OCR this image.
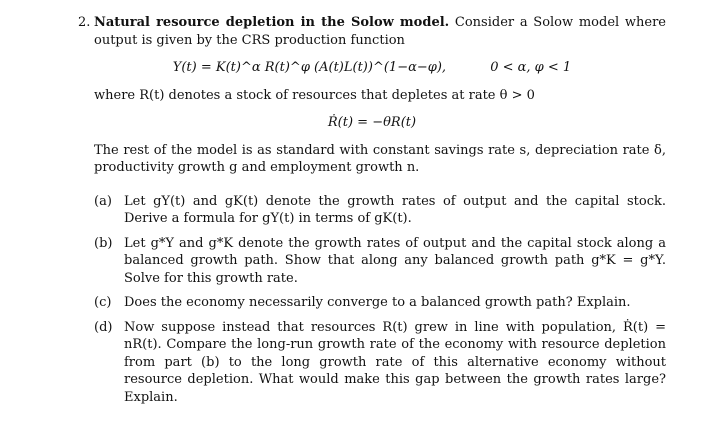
2. Natural resource depletion in the Solow model. Consider a Solow model where output is given by the CRS production function
Y(t) = K(t)^α R(t)^φ (A(t)L(t))^(1−α−φ),	0 < α, φ < 1

where R(t) denotes a stock of resources that depletes at rate θ > 0

Ṙ(t) = −θR(t)

The rest of the model is as standard with constant savings rate s, depreciation rate δ, productivity growth g and employment growth n.

(a) Let gY(t) and gK(t) denote the growth rates of output and the capital stock. Derive a formula for gY(t) in terms of gK(t).
(b) Let g*Y and g*K denote the growth rates of output and the capital stock along a balanced growth path. Show that along any balanced growth path g*K = g*Y. Solve for this growth rate.
(c) Does the economy necessarily converge to a balanced growth path? Explain.
(d) Now suppose instead that resources R(t) grew in line with population, Ṙ(t) = nR(t). Compare the long-run growth rate of the economy with resource depletion from part (b) to the long growth rate of this alternative economy without resource depletion. What would make this gap between the growth rates large? Explain.
